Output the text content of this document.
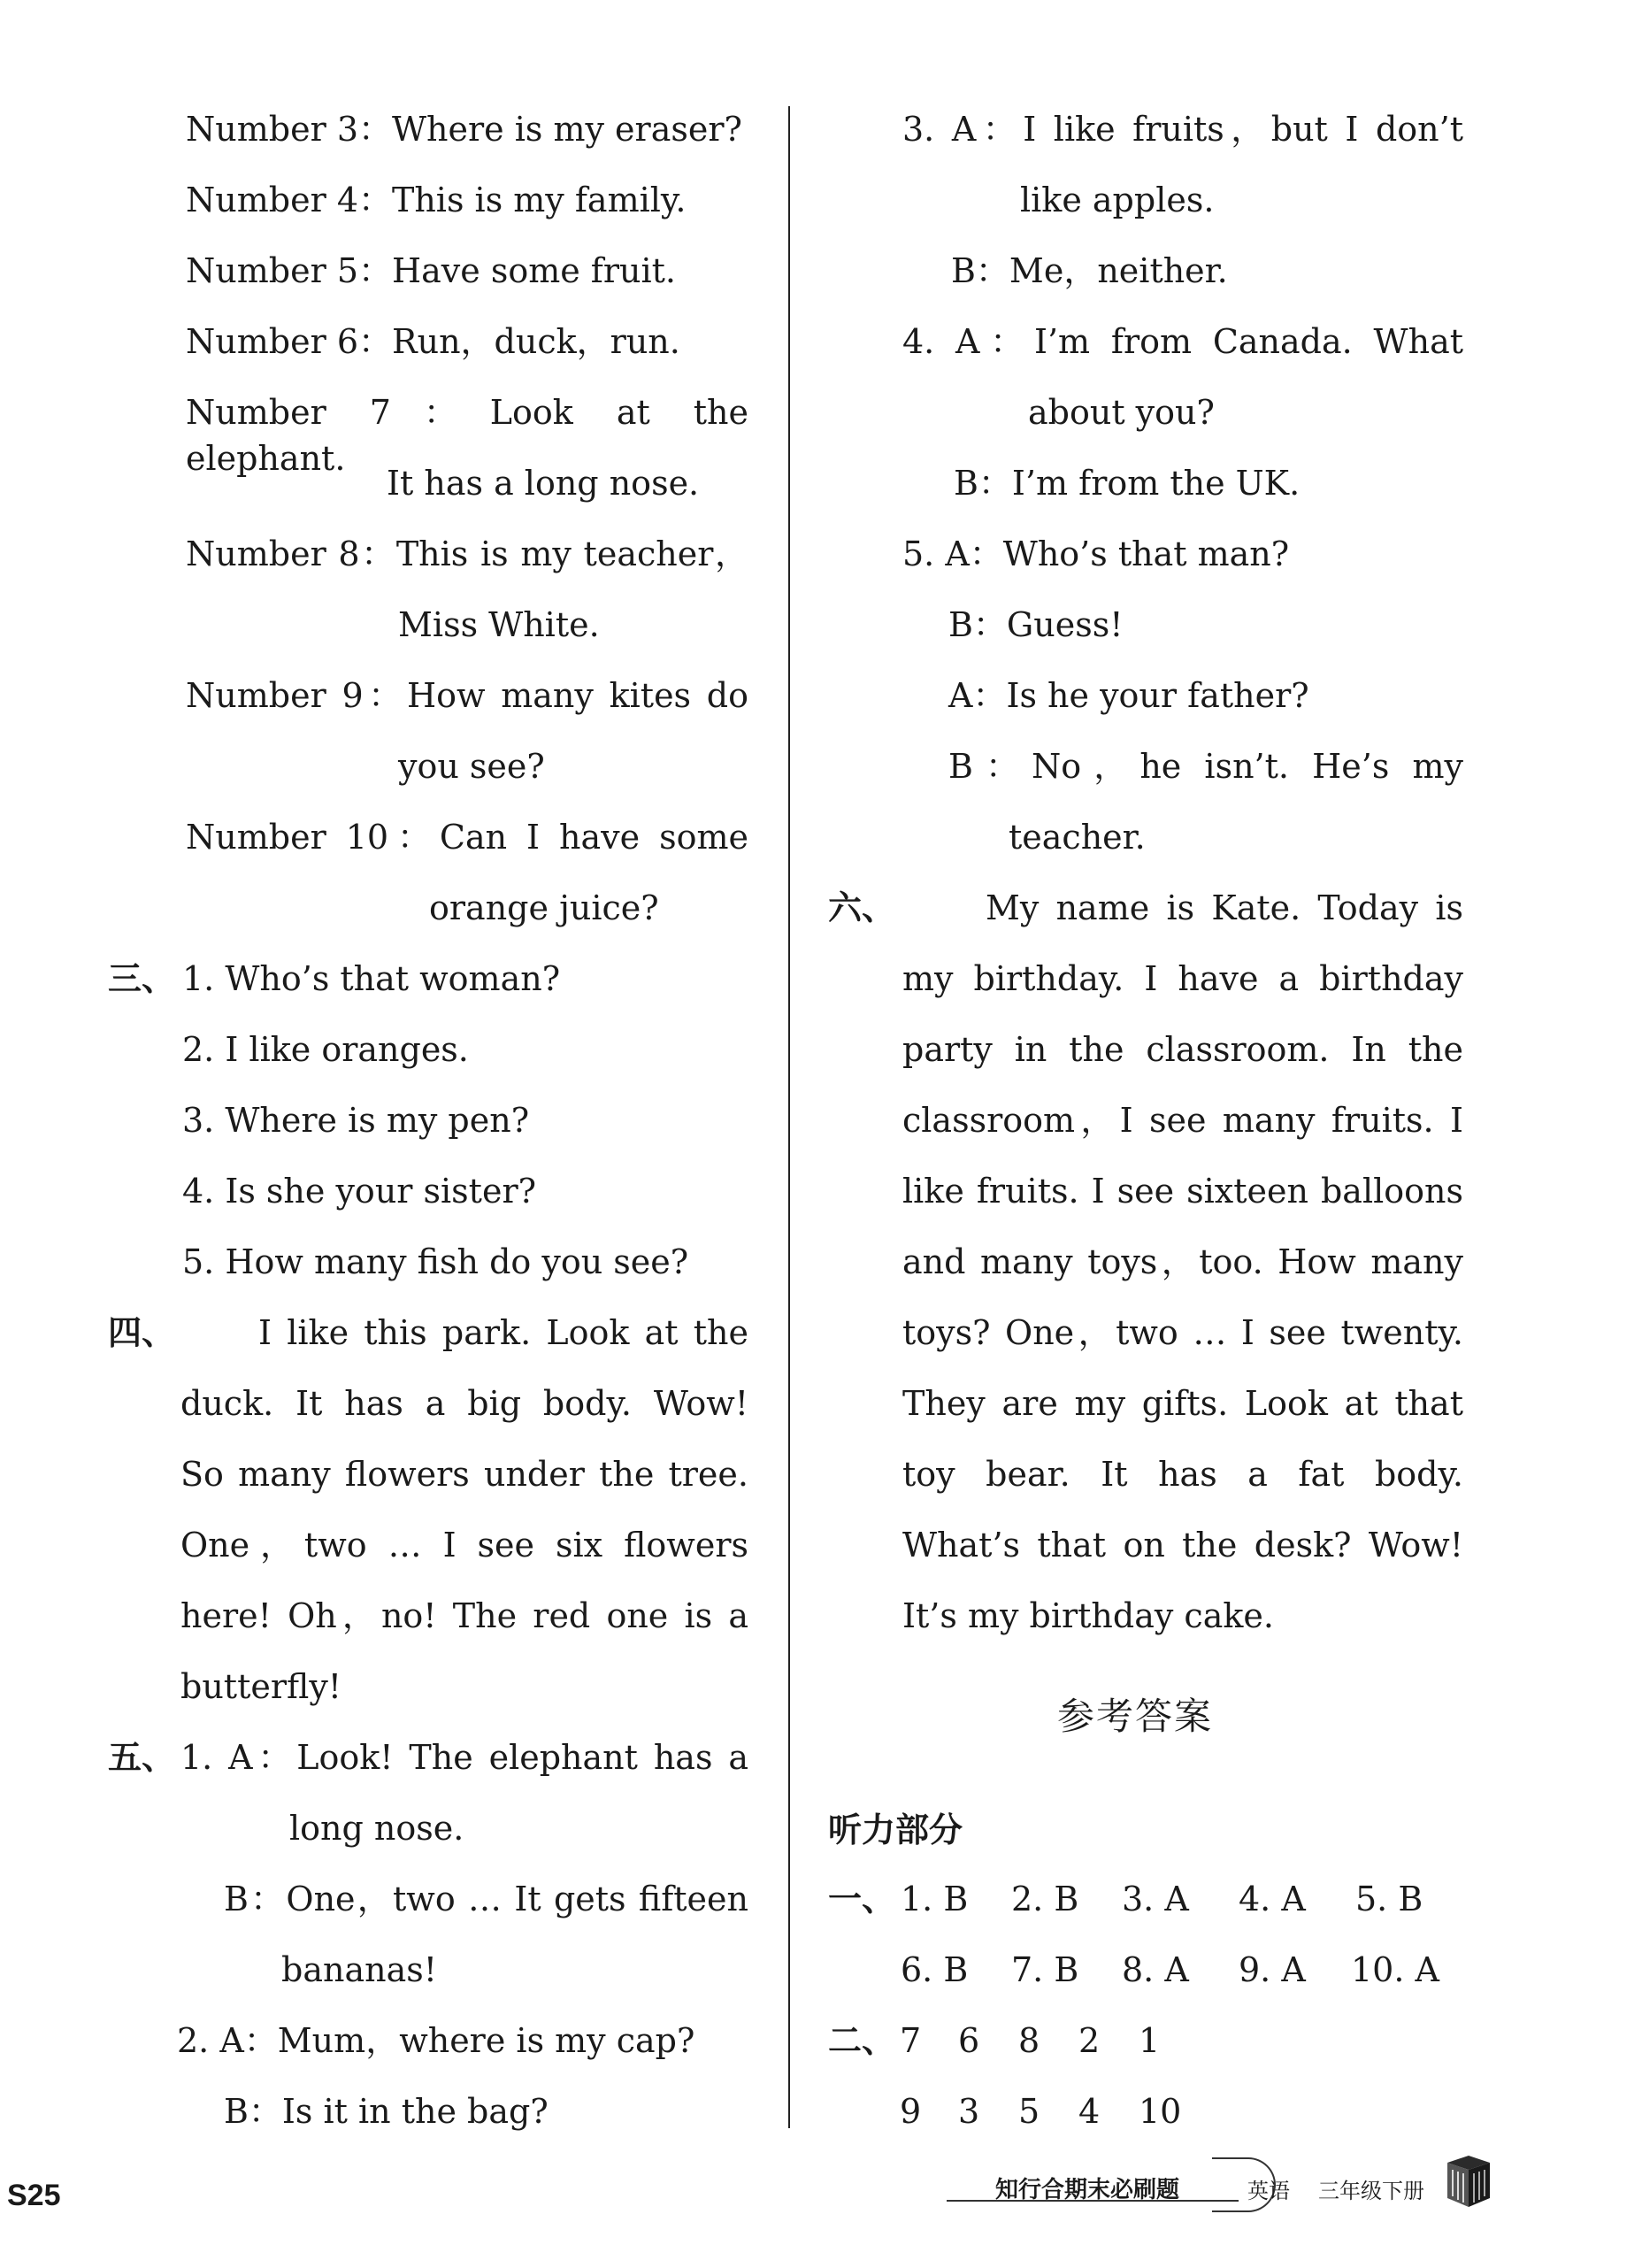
Number 3：Where is my eraser?
Number 4：This is my family.
Number 5：Have some fruit.
Number 6：Run，duck，run.
Number 7：Look at the elephant.
It has a long nose.
Number 8：This is my teacher，
Miss White.
Number 9：How many kites do
you see?
Number 10：Can I have some
orange juice?
三、 1. Who’s that woman?
2. I like oranges.
3. Where is my pen?
4. Is she your sister?
5. How many fish do you see?
四、 I like this park. Look at the
duck. It has a big body. Wow!
So many flowers under the tree.
One，two … I see six flowers
here! Oh，no! The red one is a
butterfly!
五、 1. A：Look! The elephant has a
long nose.
B：One，two … It gets fifteen
bananas!
2. A：Mum，where is my cap?
B：Is it in the bag?
3. A：I like fruits，but I don’t
like apples.
B：Me，neither.
4. A：I’m from Canada. What
about you?
B：I’m from the UK.
5. A：Who’s that man?
B：Guess!
A：Is he your father?
B：No，he isn’t. He’s my
teacher.
六、	My name is Kate. Today is
my birthday. I have a birthday
party in the classroom. In the
classroom，I see many fruits. I
like fruits. I see sixteen balloons
and many toys，too. How many
toys? One，two … I see twenty.
They are my gifts. Look at that
toy bear. It has a fat body.
What’s that on the desk? Wow!
It’s my birthday cake.
参考答案
听力部分
一、 1. B 2. B 3. A 4. A 5. B
6. B 7. B 8. A 9. A 10. A
二、 7 6 8 2 1
9 3 5 4 10
S25	知行合期末必刷题	英语 三年级下册
